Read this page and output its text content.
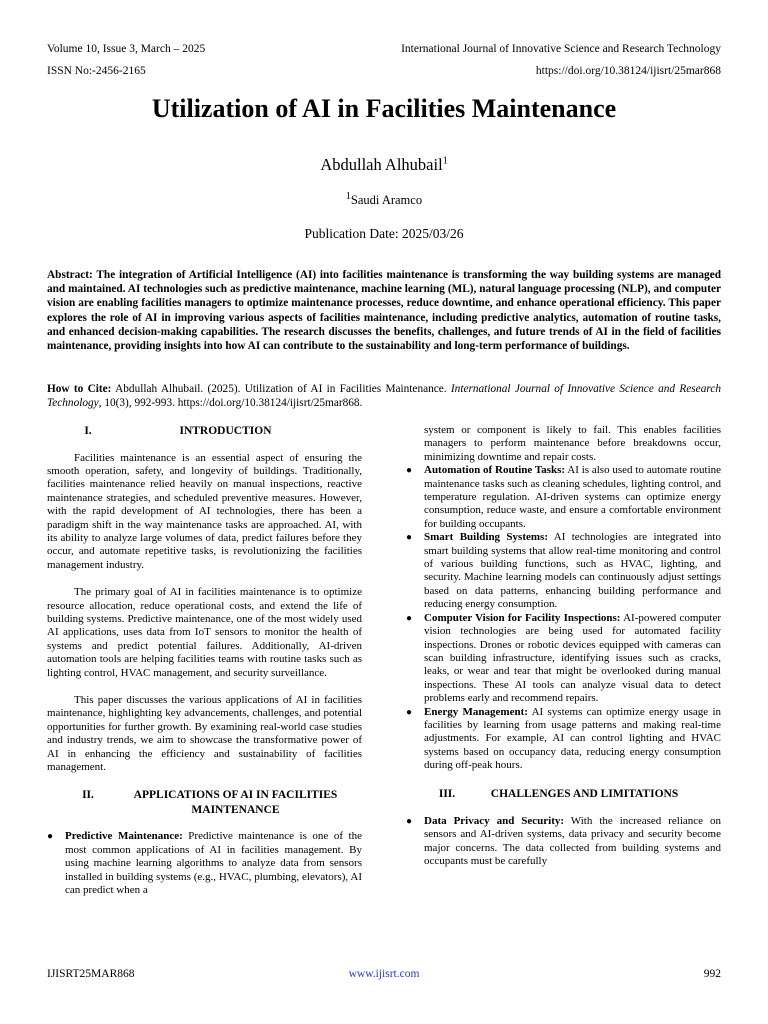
Volume 10, Issue 3, March – 2025	International Journal of Innovative Science and Research Technology
ISSN No:-2456-2165	https://doi.org/10.38124/ijisrt/25mar868
Utilization of AI in Facilities Maintenance
Abdullah Alhubail$^1$
$^1$Saudi Aramco
Publication Date: 2025/03/26
Abstract: The integration of Artificial Intelligence (AI) into facilities maintenance is transforming the way building systems are managed and maintained. AI technologies such as predictive maintenance, machine learning (ML), natural language processing (NLP), and computer vision are enabling facilities managers to optimize maintenance processes, reduce downtime, and enhance operational efficiency. This paper explores the role of AI in improving various aspects of facilities maintenance, including predictive analytics, automation of routine tasks, and enhanced decision-making capabilities. The research discusses the benefits, challenges, and future trends of AI in the field of facilities maintenance, providing insights into how AI can contribute to the sustainability and long-term performance of buildings.
How to Cite: Abdullah Alhubail. (2025). Utilization of AI in Facilities Maintenance. International Journal of Innovative Science and Research Technology, 10(3), 992-993. https://doi.org/10.38124/ijisrt/25mar868.
I.	INTRODUCTION

Facilities maintenance is an essential aspect of ensuring the smooth operation, safety, and longevity of buildings. Traditionally, facilities maintenance relied heavily on manual inspections, reactive maintenance strategies, and scheduled preventive measures. However, with the rapid development of AI technologies, there has been a paradigm shift in the way maintenance tasks are approached. AI, with its ability to analyze large volumes of data, predict failures before they occur, and automate repetitive tasks, is revolutionizing the facilities management industry.

The primary goal of AI in facilities maintenance is to optimize resource allocation, reduce operational costs, and extend the life of building systems. Predictive maintenance, one of the most widely used AI applications, uses data from IoT sensors to monitor the health of systems and predict potential failures. Additionally, AI-driven automation tools are helping facilities teams with routine tasks such as lighting control, HVAC management, and security surveillance.

This paper discusses the various applications of AI in facilities maintenance, highlighting key advancements, challenges, and potential opportunities for further growth. By examining real-world case studies and industry trends, we aim to showcase the transformative power of AI in enhancing the efficiency and sustainability of facilities management.

II.	APPLICATIONS OF AI IN FACILITIES MAINTENANCE
●	Predictive Maintenance: Predictive maintenance is one of the most common applications of AI in facilities management. By using machine learning algorithms to analyze data from sensors installed in building systems (e.g., HVAC, plumbing, elevators), AI can predict when a

system or component is likely to fail. This enables facilities managers to perform maintenance before breakdowns occur, minimizing downtime and repair costs.

●	Automation of Routine Tasks: AI is also used to automate routine maintenance tasks such as cleaning schedules, lighting control, and temperature regulation. AI-driven systems can optimize energy consumption, reduce waste, and ensure a comfortable environment for building occupants.
●	Smart Building Systems: AI technologies are integrated into smart building systems that allow real-time monitoring and control of various building functions, such as HVAC, lighting, and security. Machine learning models can continuously adjust settings based on data patterns, enhancing building performance and reducing energy consumption.
●	Computer Vision for Facility Inspections: AI-powered computer vision technologies are being used for automated facility inspections. Drones or robotic devices equipped with cameras can scan building infrastructure, identifying issues such as cracks, leaks, or wear and tear that might be overlooked during manual inspections. These AI tools can analyze visual data to detect problems early and recommend repairs.
●	Energy Management: AI systems can optimize energy usage in facilities by learning from usage patterns and making real-time adjustments. For example, AI can control lighting and HVAC systems based on occupancy data, reducing energy consumption during off-peak hours.
III.	CHALLENGES AND LIMITATIONS
●	Data Privacy and Security: With the increased reliance on sensors and AI-driven systems, data privacy and security become major concerns. The data collected from building systems and occupants must be carefully
IJISRT25MAR868	www.ijisrt.com	992
